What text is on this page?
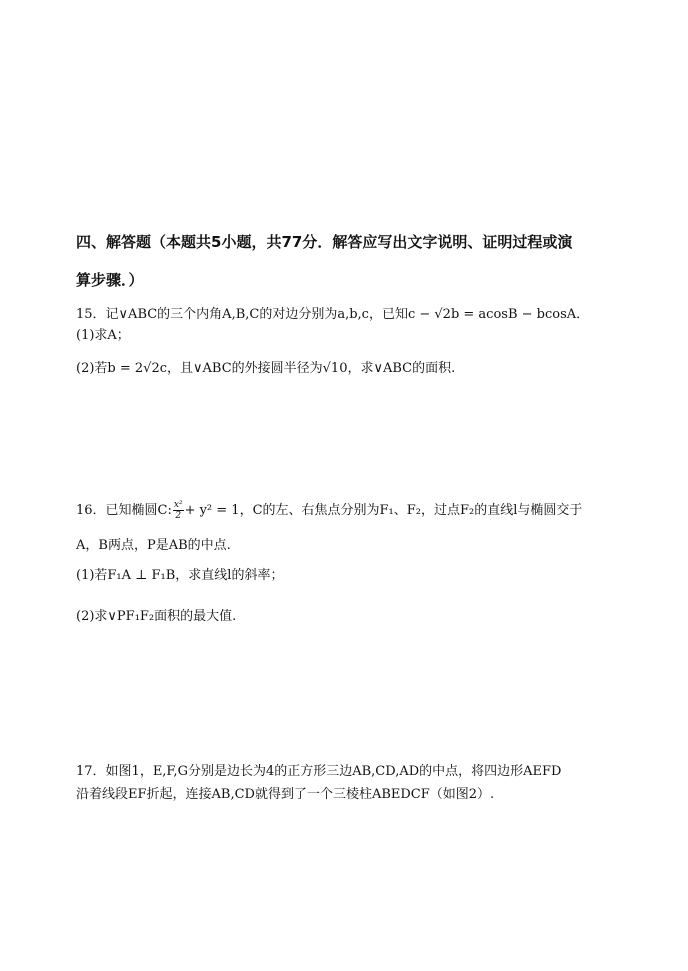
四、解答题（本题共5小题，共77分．解答应写出文字说明、证明过程或演
算步骤．）
15．记∨ABC的三个内角A,B,C的对边分别为a,b,c，已知c − √2b = acosB − bcosA．
(1)求A；
(2)若b = 2√2c，且∨ABC的外接圆半径为√10，求∨ABC的面积.
16．已知椭圆C: $\frac{\text{x²}}{2} + y^2 = 1$，C的左、右焦点分别为F₁、F₂，过点F₂的直线l与椭圆交于
A，B两点，P是AB的中点.
(1)若F₁A ⊥ F₁B，求直线l的斜率；
(2)求∨PF₁F₂面积的最大值.
17．如图1，E,F,G分别是边长为4的正方形三边AB,CD,AD的中点，将四边形AEFD
沿着线段EF折起，连接AB,CD就得到了一个三棱柱ABEDCF（如图2）.
